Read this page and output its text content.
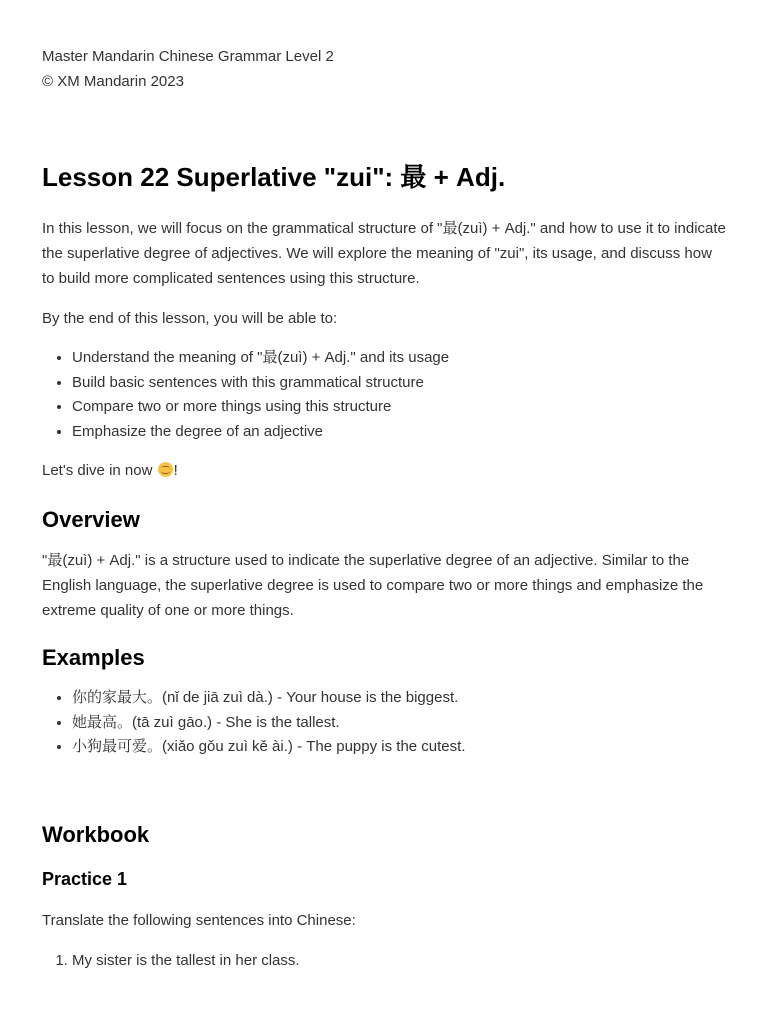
Master Mandarin Chinese Grammar Level 2

© XM Mandarin 2023

Lesson 22 Superlative "zui": 最 + Adj.

In this lesson, we will focus on the grammatical structure of "最(zuì) + Adj." and how to use it to indicate the superlative degree of adjectives. We will explore the meaning of "zui", its usage, and discuss how to build more complicated sentences using this structure.

By the end of this lesson, you will be able to:

• Understand the meaning of "最(zuì) + Adj." and its usage
• Build basic sentences with this grammatical structure
• Compare two or more things using this structure
• Emphasize the degree of an adjective

Let's dive in now !

Overview

"最(zuì) + Adj." is a structure used to indicate the superlative degree of an adjective. Similar to the English language, the superlative degree is used to compare two or more things and emphasize the extreme quality of one or more things.

Examples
• 你的家最大。(nǐ de jiā zuì dà.) - Your house is the biggest.
• 她最高。(tā zuì gāo.) - She is the tallest.
• 小狗最可爱。(xiǎo gǒu zuì kě ài.) - The puppy is the cutest.
Workbook
Practice 1

Translate the following sentences into Chinese:

1. My sister is the tallest in her class.
